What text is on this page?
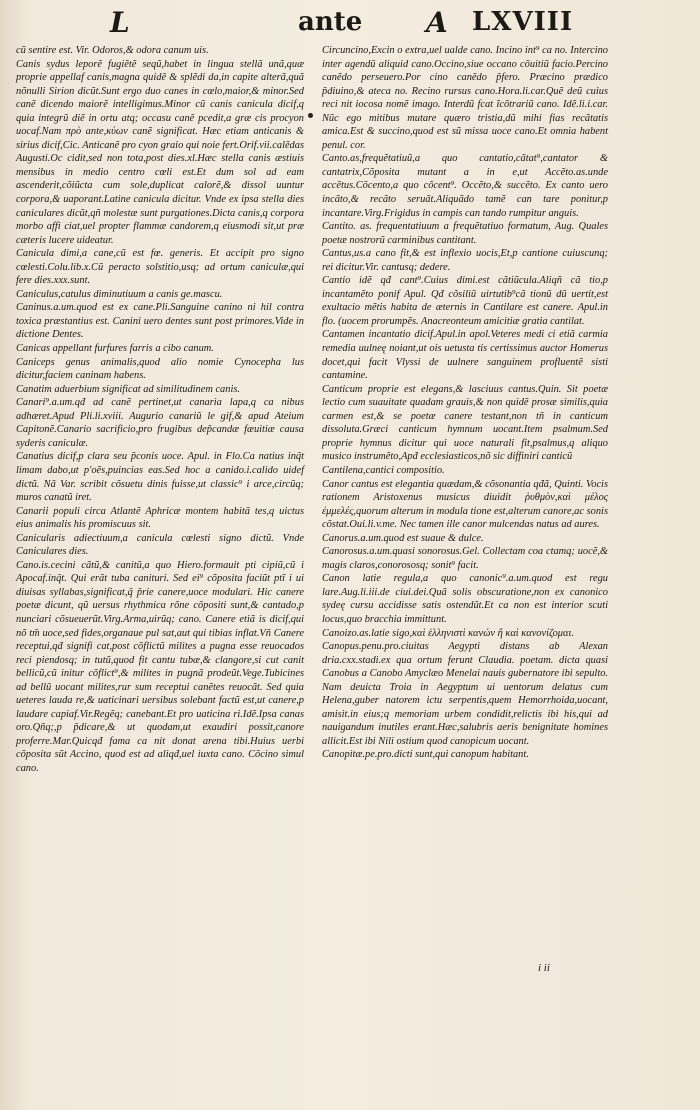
L	ante A LXVIII

cũ sentire est. Vir. Odoros,& odora canum uis.

Canis sydus leporẽ fugiẽtẽ seqũ,habet in lingua stellã unã,quæ proprie appellaf canis,magna quidẽ & splẽdi da,in capite alterã,quã nõnulli Sirion dicũt.Sunt ergo duo canes in cœlo,maior,& minor.Sed canẽ dicendo maiorẽ intelligimus.Minor cũ canis canicula dicif,q quia integrũ diẽ in ortu atq; occasu canẽ pcedit,a græ cis procyon uocaf.Nam πρὸ ante,κύων canẽ significat. Hæc etiam anticanis & sirius dicif,Cic. Anticanẽ pro cyon graio qui noie fert.Orif.vii.calẽdas Augusti.Oc cidit,sed non tota,post dies.xl.Hæc stella canis æstiuis mensibus in medio centro cœli est.Et dum sol ad eam ascenderit,cõiũcta cum sole,duplicat calorẽ,& dissol uuntur corpora,& uaporant.Latine canicula dicitur. Vnde ex ipsa stella dies caniculares dicũt,qñ molestæ sunt purgationes.Dicta canis,q corpora morbo affi ciat,uel propter flammæ candorem,q eiusmodi sit,ut præ cæteris lucere uideatur.

Canicula dimi,a cane,cũ est fœ. generis. Et accipit pro signo cœlesti.Colu.lib.x.Cũ peracto solstitio,usq; ad ortum caniculæ,qui fere dies.xxx.sunt.

Caniculus,catulus diminutiuum a canis ge.mascu.

Caninus.a.um.quod est ex cane.Pli.Sanguine canino ni hil contra toxica præstantius est. Canini uero dentes sunt post primores.Vide in dictione Dentes.

Canicas appellant furfures farris a cibo canum.

Caniceps genus animalis,quod alio nomie Cynocepha lus dicitur,faciem caninam habens.

Canatim aduerbium significat ad similitudinem canis.

Canari⁹.a.um.qđ ad canẽ pertinet,ut canaria lapa,q ca nibus adhæret.Apud Pli.li.xviii. Augurio canariũ le gif,& apud Ateium Capitonẽ.Canario sacrificio,pro frugibus dep̃candæ fæuitiæ causa syderis caniculæ.

Canatius dicif,p clara seu p̃conis uoce. Apul. in Flo.Ca natius inq̃t limam dabo,ut p'oẽs,puincias eas.Sed hoc a canido.i.calido uidef dictũ. Nã Var. scribit cõsuetu dinis fuisse,ut classic⁹ i arce,circũq; muros canatũ iret.

Canarii populi circa Atlantẽ Aphricæ montem habitã tes,q uictus eius animalis his promiscuus sit.

Canicularis adiectiuum,a canicula cœlesti signo dictũ. Vnde Caniculares dies.

Cano.is.cecini cãtũ,& canitũ,a quo Hiero.formauit pti cipiũ,cũ i Apocaf.inq̃t. Qui erãt tuba canituri. Sed ei⁹ cõposita faciũt ptĩ i ui diuisas syllabas,significat,q̃ p̃rie canere,uoce modulari. Hic canere poetæ dicunt, qũ uersus rhythmica rõne cõpositi sunt,& cantado,p nunciari cõsueuerũt.Virg.Arma,uirũq; cano. Canere etiã is dicif,qui nõ tm̃ uoce,sed fides,organaue pul sat,aut qui tibias inflat.Vñ Canere receptui,qđ signifi cat,post cõflictũ milites a pugna esse reuocados reci piendosq; in tutũ,quod fit cantu tubæ,& clangore,si cut canit bellicũ,cũ initur cõflict⁹,& milites in pugnã prodeũt.Vege.Tubicines ad bellũ uocant milites,rur sum receptui canẽtes reuocãt. Sed quia ueteres lauda re,& uaticinari uersibus solebant factũ est,ut canere,p laudare capiaf.Vir.Regẽq; canebant.Et pro uaticina ri.Idẽ.Ipsa canas oro.Qñq;,p p̃dicare,& ut quodam,ut exaudiri possit,canore proferre.Mar.Quicqđ fama ca nit donat arena tibi.Huius uerbi cõposita sũt Accino, quod est ad aliqđ,uel iuxta cano. Cõcino simul cano.

Circuncino,Excin o extra,uel ualde cano. Incino int⁹ ca no. Intercino inter agendũ aliquid cano.Occino,siue occano cõuitiũ facio.Percino canẽdo perseuero.Por cino canẽdo p̃fero. Præcino prædico p̃diuino,& ateca no. Recino rursus cano.Hora.li.car.Quẽ deũ cuius reci nit iocosa nomẽ imago. Interdũ fcat ĩcõtrariũ cano. Idẽ.li.i.car. Nũc ego mitibus mutare quæro tristia,dũ mihi fias recãtatis amica.Est & succino,quod est sũ missa uoce cano.Et omnia habent penul. cor.

Canto.as,frequẽtatiuũ,a quo cantatio,cãtat⁹,cantator & cantatrix,Cõposita mutant a in e,ut Accẽto.as.unde accẽtus.Cõcento,a quo cõcent⁹. Occẽto,& succẽto. Ex canto uero incãto,& recãto seruãt.Aliquãdo tamẽ can tare ponitur,p incantare.Virg.Frigidus in campis can tando rumpitur anguis.

Cantito. as. frequentatiuum a frequẽtatiuo formatum, Aug. Quales poetæ nostrorũ carminibus cantitant.

Cantus,us.a cano fit,& est inflexio uocis,Et,p cantione cuiuscunq; rei dicitur.Vir. cantusq; dedere.

Cantio idẽ qđ cant⁹.Cuius dimi.est cãtiũcula.Aliqñ cã tio,p incantamẽto ponif Apul. Qđ cõsiliũ uirtutib⁹cã tionũ dũ uertit,est exultacio mẽtis habita de æternis in Cantilare est canere. Apul.in flo. (uocem prorumpẽs. Anacreonteum amicitiæ gratia cantilat.

Cantamen incantatio dicif.Apul.in apol.Veteres medi ci etiã carmia remedia uulneę noiant,ut ois uetusta tis certissimus auctor Homerus docet,qui facit Vlyssi de uulnere sanguinem profluentẽ sisti cantamine.

Canticum proprie est elegans,& lasciuus cantus.Quin. Sit poetæ lectio cum suauitate quadam grauis,& non quidẽ prosæ similis,quia carmen est,& se poetæ canere testant,non tñ in canticum dissoluta.Græci canticum hymnum uocant.Item psalmum.Sed proprie hymnus dicitur qui uoce naturali fit,psalmus,q aliquo musico instrumẽto,Apđ ecclesiasticos,nõ sic diffiniri canticũ

Cantilena,cantici compositio.

Canor cantus est elegantia quædam,& cõsonantia qđã, Quinti. Vocis rationem Aristoxenus musicus diuidit ῥυθμὸν,καὶ μέλος ἐμμελές,quorum alterum in modula tione est,alterum canore,ac sonis cõstat.Oui.li.v.me. Nec tamen ille canor mulcendas natus ad aures.

Canorus.a.um.quod est suaue & dulce.

Canorosus.a.um.quasi sonorosus.Gel. Collectam coa ctamq; uocẽ,& magis claros,conorososq; sonit⁹ facit.

Canon latie regula,a quo canonic⁹.a.um.quod est regu lare.Aug.li.iii.de ciui.dei.Quã solis obscuratione,non ex canonico sydeę cursu accidisse satis ostendũt.Et ca non est interior scuti locus,quo bracchia immittunt.

Canoizo.as.latie sigo,καὶ ἑλληνιστὶ κανών ἢ καὶ κανονίζομαι.

Canopus.penu.pro.ciuitas Aegypti distans ab Alexan dria.cxx.stadi.ex qua ortum ferunt Claudia. poetam. dicta quasi Canobus a Canobo Amyclæo Menelai nauis gubernatore ibi sepulto. Nam deuicta Troia in Aegyptum ui uentorum delatus cum Helena,guber natorem ictu serpentis,quem Hemorrhoida,uocant, amisit.in eius;q memoriam urbem condidit,relictis ibi his,qui ad nauigandum inutiles erant.Hæc,salubris aeris benignitate homines allicit.Est ibi Nili ostium quod canopicum uocant.

Canopitæ.pe.pro.dicti sunt,qui canopum habitant.

i ii
